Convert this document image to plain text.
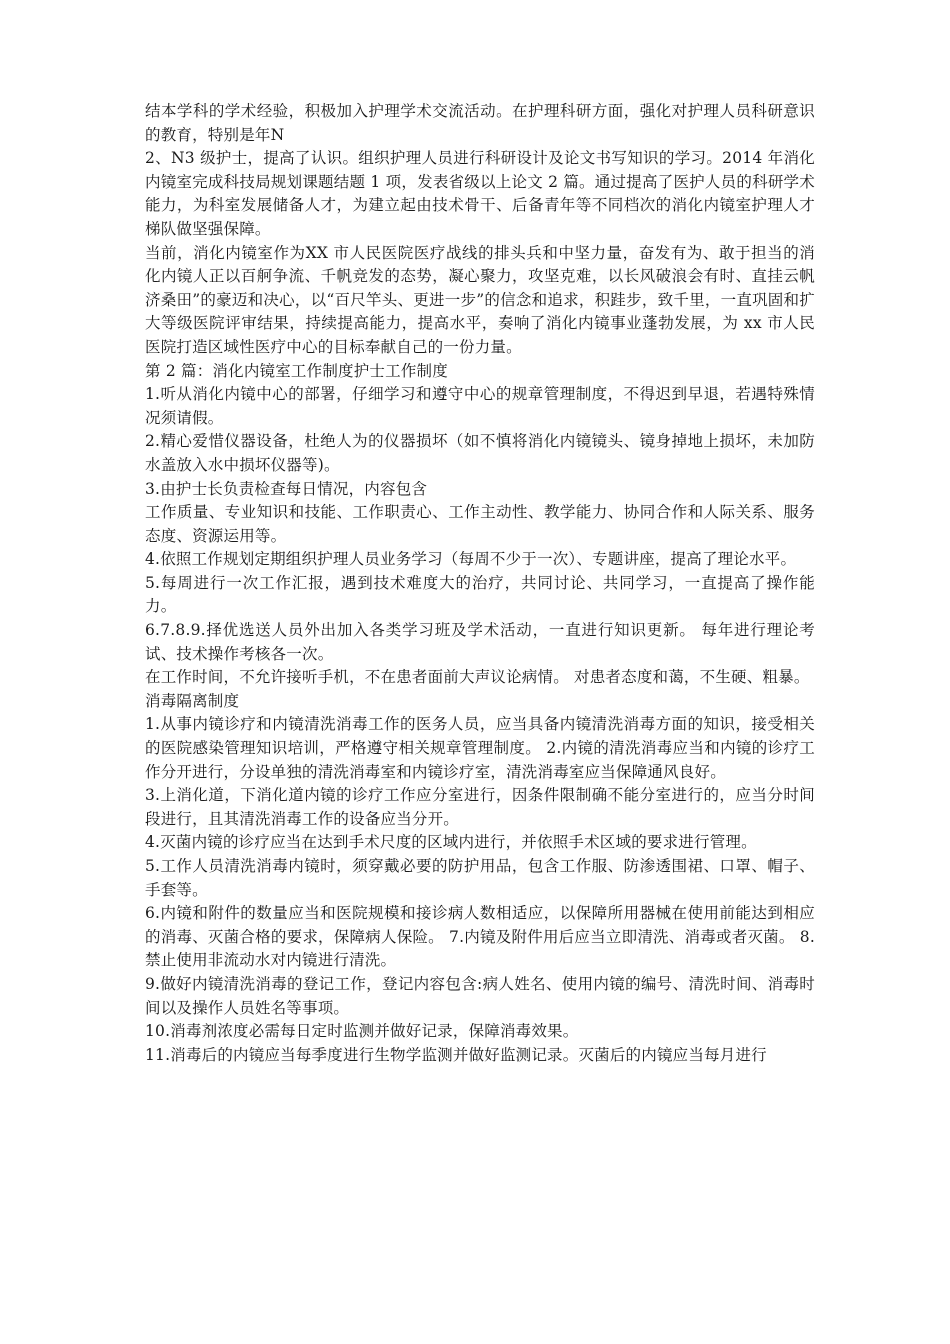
结本学科的学术经验，积极加入护理学术交流活动。在护理科研方面，强化对护理人员科研意识的教育，特别是年N

2、N3 级护士，提高了认识。组织护理人员进行科研设计及论文书写知识的学习。2014 年消化内镜室完成科技局规划课题结题 1 项，发表省级以上论文 2 篇。通过提高了医护人员的科研学术能力，为科室发展储备人才，为建立起由技术骨干、后备青年等不同档次的消化内镜室护理人才梯队做坚强保障。

当前，消化内镜室作为XX 市人民医院医疗战线的排头兵和中坚力量，奋发有为、敢于担当的消化内镜人正以百舸争流、千帆竞发的态势，凝心聚力，攻坚克难，以长风破浪会有时、直挂云帆济桑田”的豪迈和决心，以“百尺竿头、更进一步”的信念和追求，积跬步，致千里，一直巩固和扩大等级医院评审结果，持续提高能力，提高水平，奏响了消化内镜事业蓬勃发展，为 xx 市人民医院打造区域性医疗中心的目标奉献自己的一份力量。

第 2 篇：消化内镜室工作制度护士工作制度

1.听从消化内镜中心的部署，仔细学习和遵守中心的规章管理制度，不得迟到早退，若遇特殊情况须请假。

2.精心爱惜仪器设备，杜绝人为的仪器损坏（如不慎将消化内镜镜头、镜身掉地上损坏，未加防水盖放入水中损坏仪器等)。

3.由护士长负责检查每日情况，内容包含

工作质量、专业知识和技能、工作职责心、工作主动性、教学能力、协同合作和人际关系、服务态度、资源运用等。

4.依照工作规划定期组织护理人员业务学习（每周不少于一次）、专题讲座，提高了理论水平。

5.每周进行一次工作汇报，遇到技术难度大的治疗，共同讨论、共同学习，一直提高了操作能力。

6.7.8.9.择优选送人员外出加入各类学习班及学术活动，一直进行知识更新。 每年进行理论考试、技术操作考核各一次。

在工作时间，不允许接听手机，不在患者面前大声议论病情。 对患者态度和蔼，不生硬、粗暴。

消毒隔离制度

1.从事内镜诊疗和内镜清洗消毒工作的医务人员，应当具备内镜清洗消毒方面的知识，接受相关的医院感染管理知识培训，严格遵守相关规章管理制度。 2.内镜的清洗消毒应当和内镜的诊疗工作分开进行，分设单独的清洗消毒室和内镜诊疗室，清洗消毒室应当保障通风良好。

3.上消化道，下消化道内镜的诊疗工作应分室进行，因条件限制确不能分室进行的，应当分时间段进行，且其清洗消毒工作的设备应当分开。

4.灭菌内镜的诊疗应当在达到手术尺度的区域内进行，并依照手术区域的要求进行管理。

5.工作人员清洗消毒内镜时，须穿戴必要的防护用品，包含工作服、防渗透围裙、口罩、帽子、手套等。

6.内镜和附件的数量应当和医院规模和接诊病人数相适应，以保障所用器械在使用前能达到相应的消毒、灭菌合格的要求，保障病人保险。 7.内镜及附件用后应当立即清洗、消毒或者灭菌。 8.禁止使用非流动水对内镜进行清洗。

9.做好内镜清洗消毒的登记工作，登记内容包含:病人姓名、使用内镜的编号、清洗时间、消毒时间以及操作人员姓名等事项。

10.消毒剂浓度必需每日定时监测并做好记录，保障消毒效果。

11.消毒后的内镜应当每季度进行生物学监测并做好监测记录。灭菌后的内镜应当每月进行
